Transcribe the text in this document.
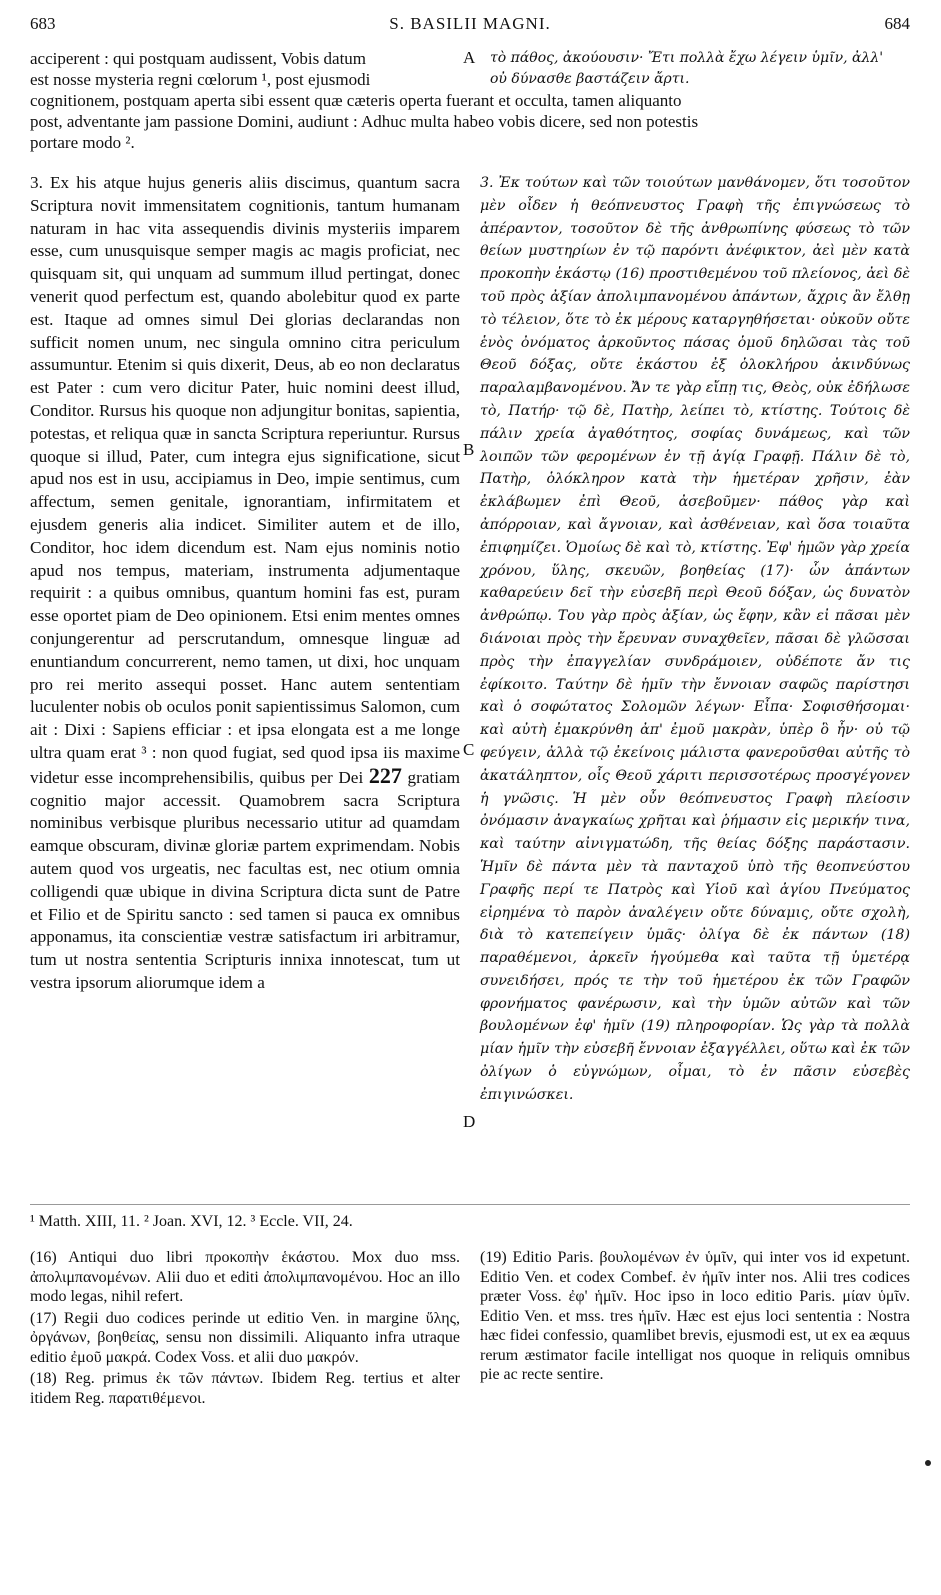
683	S. BASILII MAGNI.	684
acciperent : qui postquam audissent, Vobis datum
est nosse mysteria regni cœlorum ¹, post ejusmodi
τὸ πάθος, ἀκούουσιν· Ἔτι πολλὰ ἔχω λέγειν ὑμῖν, ἀλλ'
οὐ δύνασθε βαστάζειν ἄρτι.
cognitionem, postquam aperta sibi essent quæ cæteris operta fuerant et occulta, tamen aliquanto
post, adventante jam passione Domini, audiunt : Adhuc multa habeo vobis dicere, sed non potestis
portare modo ².
A
B
C
D

3. Ex his atque hujus generis aliis discimus, quantum sacra Scriptura novit immensitatem cognitionis, tantum humanam naturam in hac vita assequendis divinis mysteriis imparem esse, cum unusquisque semper magis ac magis proficiat, nec quisquam sit, qui unquam ad summum illud pertingat, donec venerit quod perfectum est, quando abolebitur quod ex parte est. Itaque ad omnes simul Dei glorias declarandas non sufficit nomen unum, nec singula omnino citra periculum assumuntur. Etenim si quis dixerit, Deus, ab eo non declaratus est Pater : cum vero dicitur Pater, huic nomini deest illud, Conditor. Rursus his quoque non adjungitur bonitas, sapientia, potestas, et reliqua quæ in sancta Scriptura reperiuntur. Rursus quoque si illud, Pater, cum integra ejus significatione, sicut apud nos est in usu, accipiamus in Deo, impie sentimus, cum affectum, semen genitale, ignorantiam, infirmitatem et ejusdem generis alia indicet. Similiter autem et de illo, Conditor, hoc idem dicendum est. Nam ejus nominis notio apud nos tempus, materiam, instrumenta adjumentaque requirit : a quibus omnibus, quantum homini fas est, puram esse oportet piam de Deo opinionem. Etsi enim mentes omnes conjungerentur ad perscrutandum, omnesque linguæ ad enuntiandum concurrerent, nemo tamen, ut dixi, hoc unquam pro rei merito assequi posset. Hanc autem sententiam luculenter nobis ob oculos ponit sapientissimus Salomon, cum ait : Dixi : Sapiens efficiar : et ipsa elongata est a me longe ultra quam erat ³ : non quod fugiat, sed quod ipsa iis maxime videtur esse incomprehensibilis, quibus per Dei 227 gratiam cognitio major accessit. Quamobrem sacra Scriptura nominibus verbisque pluribus necessario utitur ad quamdam eamque obscuram, divinæ gloriæ partem exprimendam. Nobis autem quod vos urgeatis, nec facultas est, nec otium omnia colligendi quæ ubique in divina Scriptura dicta sunt de Patre et Filio et de Spiritu sancto : sed tamen si pauca ex omnibus apponamus, ita conscientiæ vestræ satisfactum iri arbitramur, tum ut nostra sententia Scripturis innixa innotescat, tum ut vestra ipsorum aliorumque idem a

3. Ἐκ τούτων καὶ τῶν τοιούτων μανθάνομεν, ὅτι τοσοῦτον μὲν οἶδεν ἡ θεόπνευστος Γραφὴ τῆς ἐπιγνώσεως τὸ ἀπέραντον, τοσοῦτον δὲ τῆς ἀνθρωπίνης φύσεως τὸ τῶν θείων μυστηρίων ἐν τῷ παρόντι ἀνέφικτον, ἀεὶ μὲν κατὰ προκοπὴν ἑκάστῳ (16) προστιθεμένου τοῦ πλείονος, ἀεὶ δὲ τοῦ πρὸς ἀξίαν ἀπολιμπανομένου ἁπάντων, ἄχρις ἂν ἔλθῃ τὸ τέλειον, ὅτε τὸ ἐκ μέρους καταργηθήσεται· οὐκοῦν οὔτε ἑνὸς ὀνόματος ἀρκοῦντος πάσας ὁμοῦ δηλῶσαι τὰς τοῦ Θεοῦ δόξας, οὔτε ἑκάστου ἐξ ὁλοκλήρου ἀκινδύνως παραλαμβανομένου. Ἄν τε γὰρ εἴπῃ τις, Θεὸς, οὐκ ἐδήλωσε τὸ, Πατήρ· τῷ δὲ, Πατὴρ, λείπει τὸ, κτίστης. Τούτοις δὲ πάλιν χρεία ἀγαθότητος, σοφίας δυνάμεως, καὶ τῶν λοιπῶν τῶν φερομένων ἐν τῇ ἁγίᾳ Γραφῇ. Πάλιν δὲ τὸ, Πατὴρ, ὁλόκληρον κατὰ τὴν ἡμετέραν χρῆσιν, ἐὰν ἐκλάβωμεν ἐπὶ Θεοῦ, ἀσεβοῦμεν· πάθος γὰρ καὶ ἀπόρροιαν, καὶ ἄγνοιαν, καὶ ἀσθένειαν, καὶ ὅσα τοιαῦτα ἐπιφημίζει. Ὁμοίως δὲ καὶ τὸ, κτίστης. Ἐφ' ἡμῶν γὰρ χρεία χρόνου, ὕλης, σκευῶν, βοηθείας (17)· ὧν ἁπάντων καθαρεύειν δεῖ τὴν εὐσεβῆ περὶ Θεοῦ δόξαν, ὡς δυνατὸν ἀνθρώπῳ. Του γὰρ πρὸς ἀξίαν, ὡς ἔφην, κἂν εἰ πᾶσαι μὲν διάνοιαι πρὸς τὴν ἔρευναν συναχθεῖεν, πᾶσαι δὲ γλῶσσαι πρὸς τὴν ἐπαγγελίαν συνδράμοιεν, οὐδέποτε ἄν τις ἐφίκοιτο. Ταύτην δὲ ἡμῖν τὴν ἔννοιαν σαφῶς παρίστησι καὶ ὁ σοφώτατος Σολομῶν λέγων· Εἶπα· Σοφισθήσομαι· καὶ αὐτὴ ἐμακρύνθη ἀπ' ἐμοῦ μακρὰν, ὑπὲρ ὃ ἦν· οὐ τῷ φεύγειν, ἀλλὰ τῷ ἐκείνοις μάλιστα φανεροῦσθαι αὐτῆς τὸ ἀκατάληπτον, οἷς Θεοῦ χάριτι περισσοτέρως προσγέγονεν ἡ γνῶσις. Ἡ μὲν οὖν θεόπνευστος Γραφὴ πλείοσιν ὀνόμασιν ἀναγκαίως χρῆται καὶ ῥήμασιν εἰς μερικήν τινα, καὶ ταύτην αἰνιγματώδη, τῆς θείας δόξης παράστασιν. Ἡμῖν δὲ πάντα μὲν τὰ πανταχοῦ ὑπὸ τῆς θεοπνεύστου Γραφῆς περί τε Πατρὸς καὶ Υἱοῦ καὶ ἁγίου Πνεύματος εἰρημένα τὸ παρὸν ἀναλέγειν οὔτε δύναμις, οὔτε σχολὴ, διὰ τὸ κατεπείγειν ὑμᾶς· ὀλίγα δὲ ἐκ πάντων (18) παραθέμενοι, ἀρκεῖν ἡγούμεθα καὶ ταῦτα τῇ ὑμετέρᾳ συνειδήσει, πρός τε τὴν τοῦ ἡμετέρου ἐκ τῶν Γραφῶν φρονήματος φανέρωσιν, καὶ τὴν ὑμῶν αὐτῶν καὶ τῶν βουλομένων ἐφ' ἡμῖν (19) πληροφορίαν. Ὡς γὰρ τὰ πολλὰ μίαν ἡμῖν τὴν εὐσεβῆ ἔννοιαν ἐξαγγέλλει, οὕτω καὶ ἐκ τῶν ὀλίγων ὁ εὐγνώμων, οἶμαι, τὸ ἐν πᾶσιν εὐσεβὲς ἐπιγινώσκει.

¹ Matth. XIII, 11. ² Joan. XVI, 12. ³ Eccle. VII, 24.

(16) Antiqui duo libri προκοπὴν ἑκάστου. Mox duo mss. ἀπολιμπανομένων. Alii duo et editi ἀπολιμπανομένου. Hoc an illo modo legas, nihil refert.

(17) Regii duo codices perinde ut editio Ven. in margine ὕλης, ὀργάνων, βοηθείας, sensu non dissimili. Aliquanto infra utraque editio ἐμοῦ μακρά. Codex Voss. et alii duo μακρόν.

(18) Reg. primus ἐκ τῶν πάντων. Ibidem Reg. tertius et alter itidem Reg. παρατιθέμενοι.

(19) Editio Paris. βουλομένων ἐν ὑμῖν, qui inter vos id expetunt. Editio Ven. et codex Combef. ἐν ἡμῖν inter nos. Alii tres codices præter Voss. ἐφ' ἡμῖν. Hoc ipso in loco editio Paris. μίαν ὑμῖν. Editio Ven. et mss. tres ἡμῖν. Hæc est ejus loci sententia : Nostra hæc fidei confessio, quamlibet brevis, ejusmodi est, ut ex ea æquus rerum æstimator facile intelligat nos quoque in reliquis omnibus pie ac recte sentire.
